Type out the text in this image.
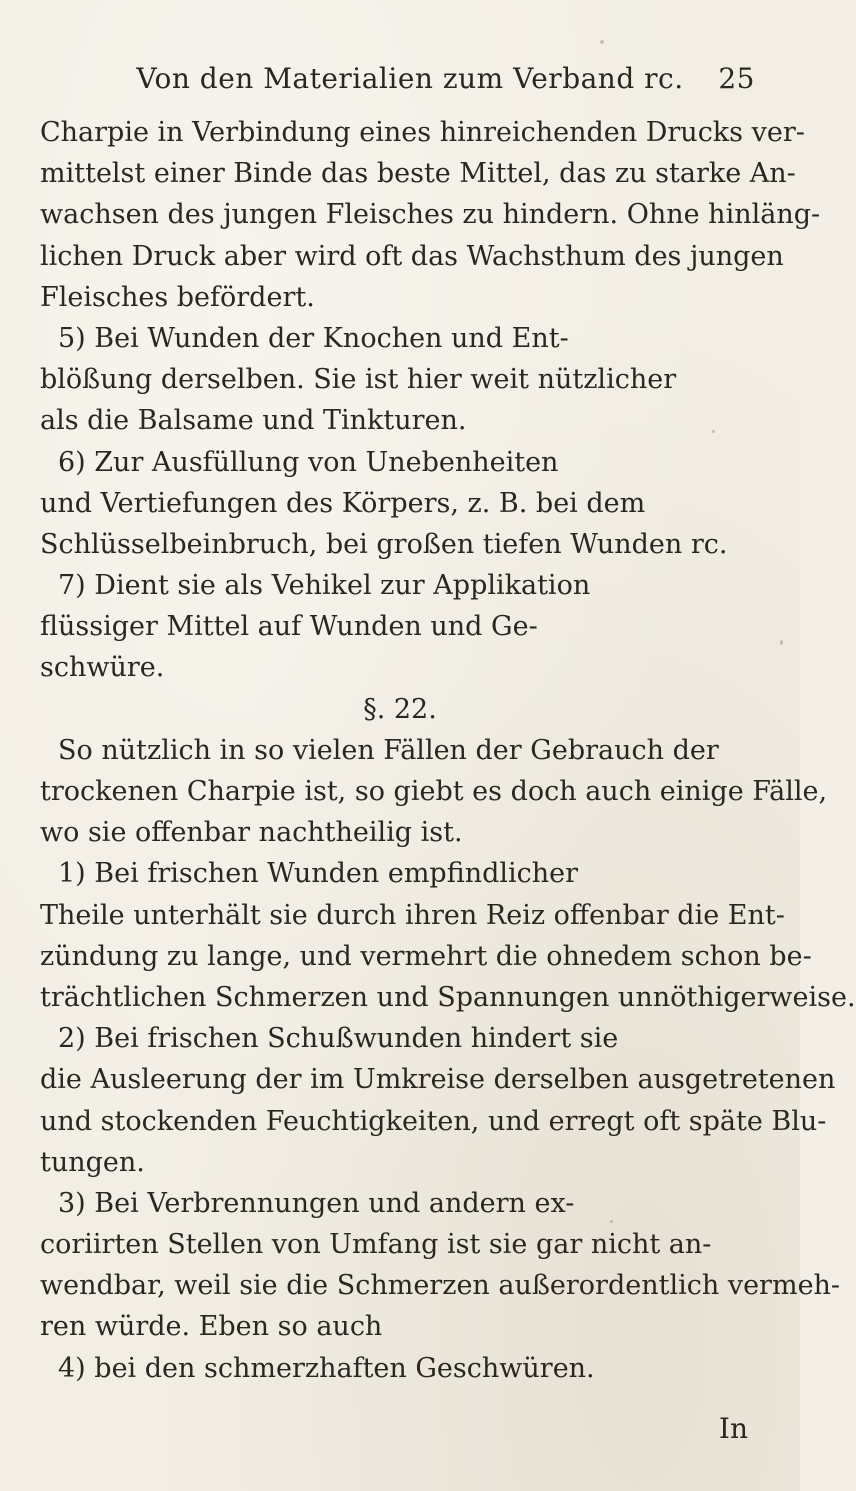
Von den Materialien zum Verband rc.	25
Charpie in Verbindung eines hinreichenden Drucks ver-
mittelst einer Binde das beste Mittel, das zu starke An-
wachsen des jungen Fleisches zu hindern. Ohne hinläng-
lichen Druck aber wird oft das Wachsthum des jungen
Fleisches befördert.
5) Bei Wunden der Knochen und Ent-
blößung derselben. Sie ist hier weit nützlicher
als die Balsame und Tinkturen.
6) Zur Ausfüllung von Unebenheiten
und Vertiefungen des Körpers, z. B. bei dem
Schlüsselbeinbruch, bei großen tiefen Wunden rc.
7) Dient sie als Vehikel zur Applikation
flüssiger Mittel auf Wunden und Ge-
schwüre.
§. 22.
So nützlich in so vielen Fällen der Gebrauch der
trockenen Charpie ist, so giebt es doch auch einige Fälle,
wo sie offenbar nachtheilig ist.
1) Bei frischen Wunden empfindlicher
Theile unterhält sie durch ihren Reiz offenbar die Ent-
zündung zu lange, und vermehrt die ohnedem schon be-
trächtlichen Schmerzen und Spannungen unnöthigerweise.
2) Bei frischen Schußwunden hindert sie
die Ausleerung der im Umkreise derselben ausgetretenen
und stockenden Feuchtigkeiten, und erregt oft späte Blu-
tungen.
3) Bei Verbrennungen und andern ex-
coriirten Stellen von Umfang ist sie gar nicht an-
wendbar, weil sie die Schmerzen außerordentlich vermeh-
ren würde. Eben so auch
4) bei den schmerzhaften Geschwüren.
In
